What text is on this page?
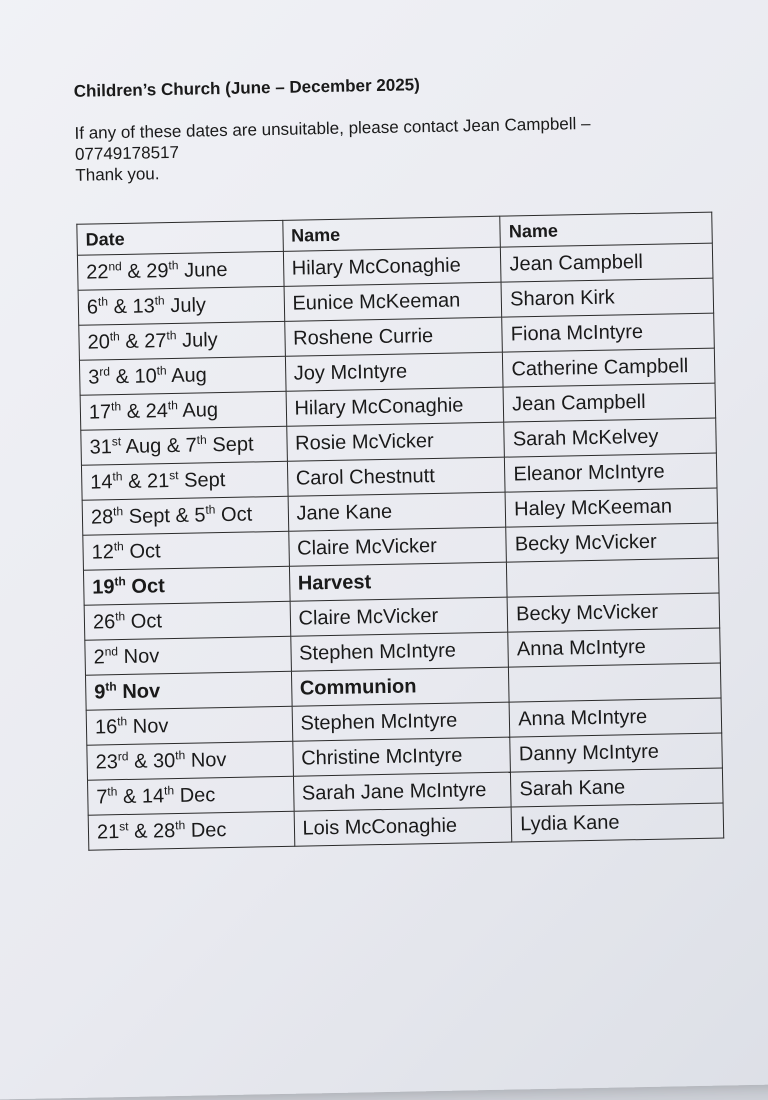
Children’s Church (June – December 2025)

If any of these dates are unsuitable, please contact Jean Campbell – 07749178517

Thank you.

Date	Name	Name
22nd & 29th June	Hilary McConaghie	Jean Campbell
6th & 13th July	Eunice McKeeman	Sharon Kirk
20th & 27th July	Roshene Currie	Fiona McIntyre
3rd & 10th Aug	Joy McIntyre	Catherine Campbell
17th & 24th Aug	Hilary McConaghie	Jean Campbell
31st Aug & 7th Sept	Rosie McVicker	Sarah McKelvey
14th & 21st Sept	Carol Chestnutt	Eleanor McIntyre
28th Sept & 5th Oct	Jane Kane	Haley McKeeman
12th Oct	Claire McVicker	Becky McVicker
19th Oct	Harvest	
26th Oct	Claire McVicker	Becky McVicker
2nd Nov	Stephen McIntyre	Anna McIntyre
9th Nov	Communion	
16th Nov	Stephen McIntyre	Anna McIntyre
23rd & 30th Nov	Christine McIntyre	Danny McIntyre
7th & 14th Dec	Sarah Jane McIntyre	Sarah Kane
21st & 28th Dec	Lois McConaghie	Lydia Kane
